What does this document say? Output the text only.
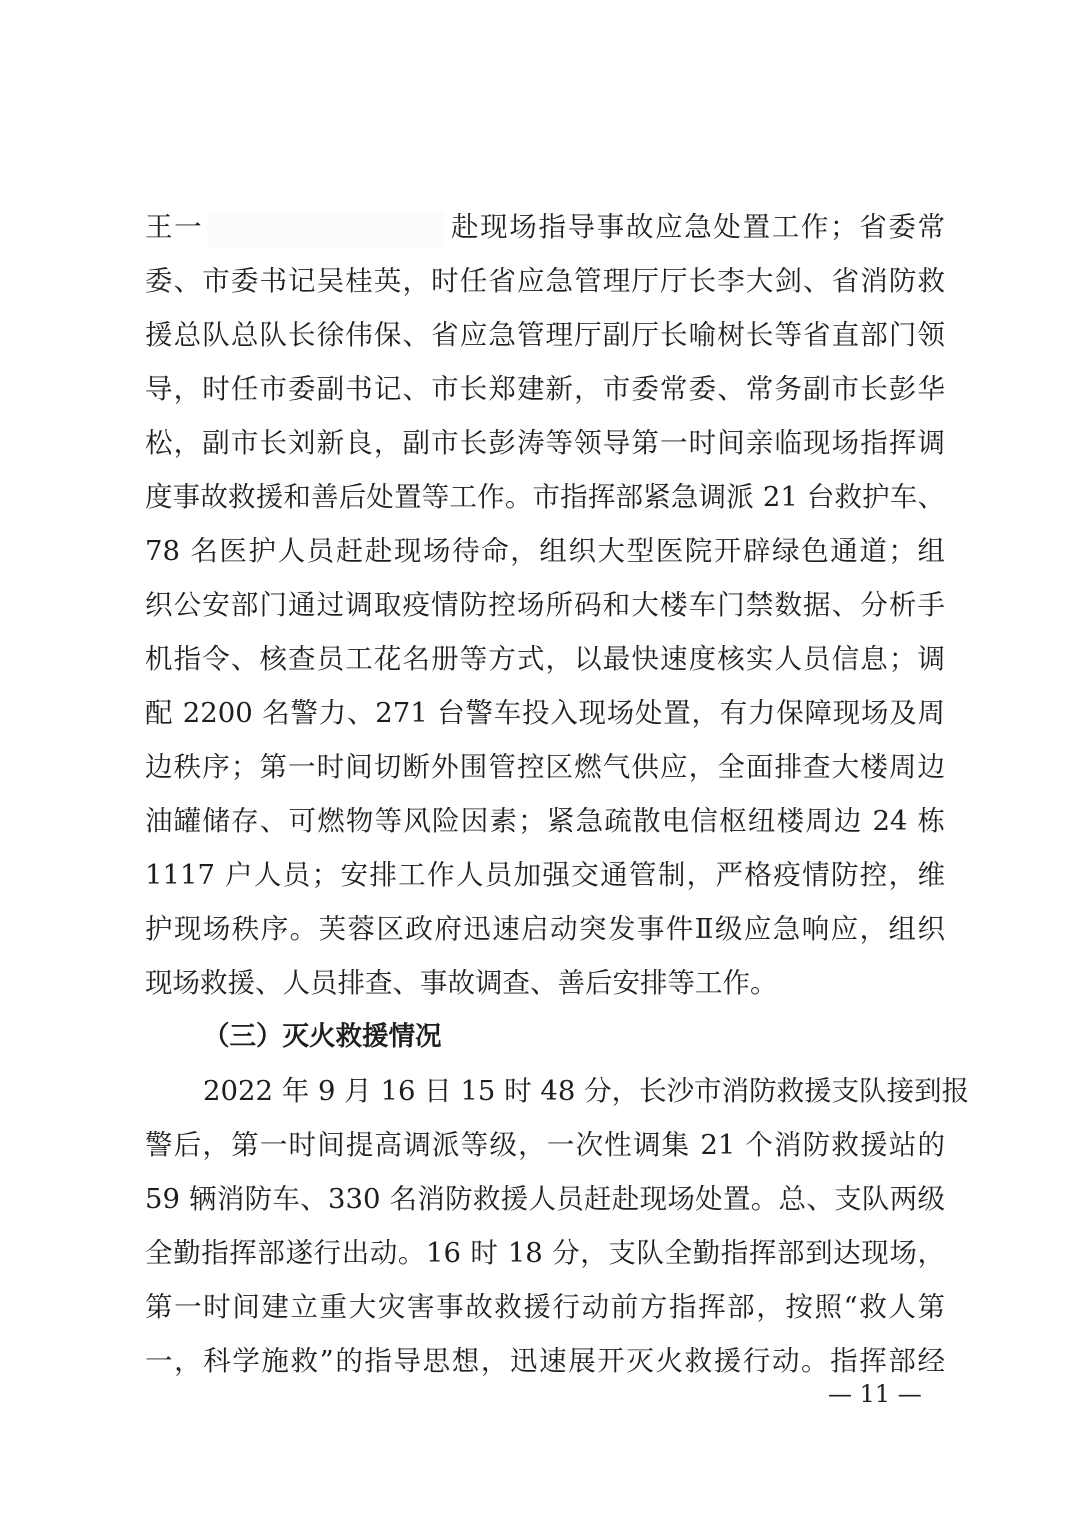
王一	赴现场指导事故应急处置工作；省委常
委、市委书记吴桂英，时任省应急管理厅厅长李大剑、省消防救
援总队总队长徐伟保、省应急管理厅副厅长喻树长等省直部门领
导，时任市委副书记、市长郑建新，市委常委、常务副市长彭华
松，副市长刘新良，副市长彭涛等领导第一时间亲临现场指挥调
度事故救援和善后处置等工作。市指挥部紧急调派 21 台救护车、
78 名医护人员赶赴现场待命，组织大型医院开辟绿色通道；组
织公安部门通过调取疫情防控场所码和大楼车门禁数据、分析手
机指令、核查员工花名册等方式，以最快速度核实人员信息；调
配 2200 名警力、271 台警车投入现场处置，有力保障现场及周
边秩序；第一时间切断外围管控区燃气供应，全面排查大楼周边
油罐储存、可燃物等风险因素；紧急疏散电信枢纽楼周边 24 栋
1117 户人员；安排工作人员加强交通管制，严格疫情防控，维
护现场秩序。芙蓉区政府迅速启动突发事件Ⅱ级应急响应，组织
现场救援、人员排查、事故调查、善后安排等工作。
（三）灭火救援情况
2022 年 9 月 16 日 15 时 48 分，长沙市消防救援支队接到报
警后，第一时间提高调派等级，一次性调集 21 个消防救援站的
59 辆消防车、330 名消防救援人员赶赴现场处置。总、支队两级
全勤指挥部遂行出动。16 时 18 分，支队全勤指挥部到达现场，
第一时间建立重大灾害事故救援行动前方指挥部，按照“救人第
一，科学施救”的指导思想，迅速展开灭火救援行动。指挥部经
— 11 —
